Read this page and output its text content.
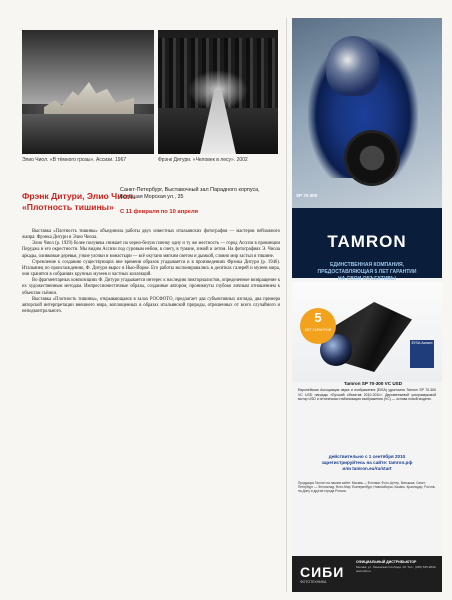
Элио Чиол. «В тёмного грозы». Ассизи. 1967	Фрэнк Дитури. «Человек в лесу». 2002
Фрэнк Дитури, Элио Чиол.
«Плотность тишины»
Санкт-Петербург, Выставочный зал Парадного корпуса, Большая Морская ул., 35
С 11 февраля по 10 апреля

Выставка «Плотность тишины» объединила работы двух известных итальянских фотографов — мастеров пейзажного жанра: Фрэнка Дитури и Элио Чиола.

Элио Чиол (р. 1929) более полувека снимает на черно-белую пленку одну и ту же местность — город Ассизи в провинции Перуджа и его окрестности. Мы видим Ассизи под суровым небом, в снегу, в тумане, зимой и летом. На фотографиях Э. Чиола аркады, оливковые деревья, узкие улочки и монастыри — всё окутано мягким светом и дымкой, словно мир застыл в тишине.

Стремление к созданию существующих вне времени образов угадывается и в произведениях Фрэнка Дитури (р. 1946). Итальянец по происхождению, Ф. Дитури вырос в Нью-Йорке. Его работы экспонировались в десятках галерей и музеев мира, они хранятся в собраниях крупных музеев и частных коллекций.

Во фрагментарных композициях Ф. Дитури угадывается интерес к наследию пикториалистов, определенное возвращение к их художественным методам. Импрессионистичные образы, созданные автором, проникнуты глубоко личным отношением к объектам съёмки.

Выставка «Плотность тишины», открывающаяся в залах РОСФОТО, предлагает два субъективных взгляда, два примера авторской интерпретации внешнего мира, воплощенных в образах итальянской природы, отрешенных от всего случайного и неподконтрольного.

SP 70-300
TAMRON
ЕДИНСТВЕННАЯ КОМПАНИЯ,
ПРЕДОСТАВЛЯЮЩАЯ 5 ЛЕТ ГАРАНТИИ
НА СВОИ ОБЪЕКТИВЫ
5
ЛЕТ ГАРАНТИИ
EISA Award
Tamron SP 70-300 VC USD
Европейская Ассоциация звука и изображения (EISA) удостоила Tamron SP 70-300 VC USD награды «Лучший объектив 2010-2011». Двухзвеньевой ультразвуковой мотор USD и оптическая стабилизация изображения (VC) — основа новой модели.
действительно с 1 сентября 2010
зарегистрируйтесь на сайте: tamron.рф
или tamron.eu/ru/start
Продукция Tamron на нашем сайте: Москва — Фотомаг, Фото-Центр, Вспышка; Санкт-Петербург — Фотосклад, Фото-Мир; Екатеринбург, Новосибирск, Казань, Краснодар, Ростов-на-Дону и другие города России.
СИБИ
ФОТОТЕХНИКА
ОФИЦИАЛЬНЫЙ ДИСТРИБЬЮТОР
Москва, ул. Ленинская Слобода, 19. Тел.: (495) 545-2840. www.sibi.ru
